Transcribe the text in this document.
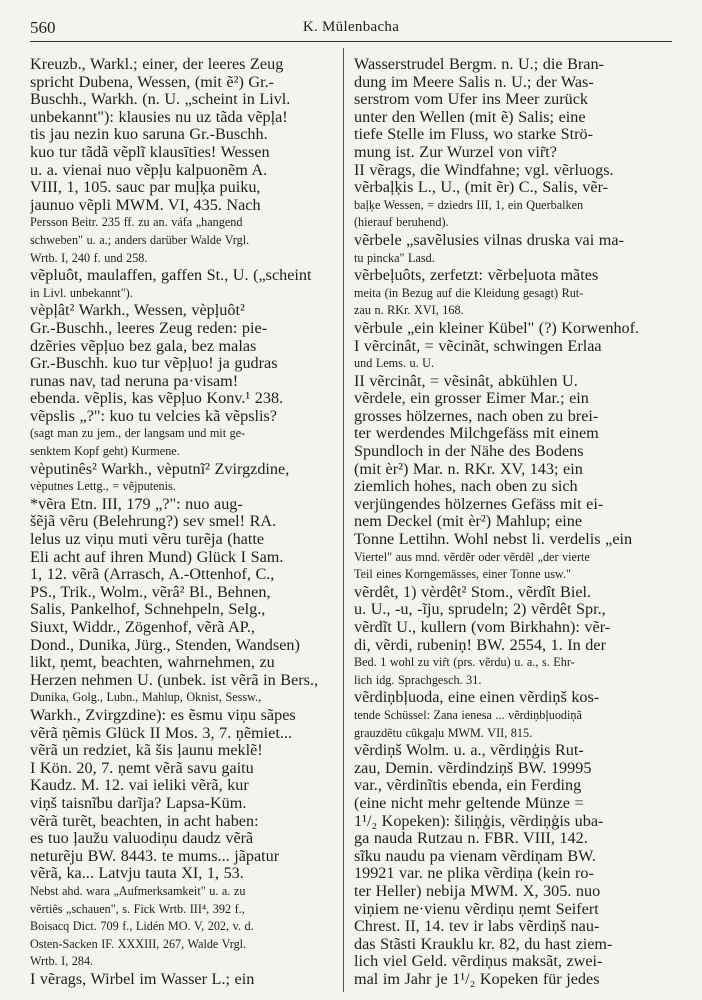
560	K. Mülenbacha
Kreuzb., Warkl.; einer, der leeres Zeug
spricht Dubena, Wessen, (mit ẽ²) Gr.-
Buschh., Warkh. (n. U. „scheint in Livl.
unbekannt"): klausies nu uz tãda vẽpļa!
tis jau nezin kuo saruna Gr.-Buschh.
kuo tur tãdã vẽplĩ klausīties! Wessen
u. a. vienai nuo vẽpļu kalpuonẽm A.
VIII, 1, 105. sauc par muļķa puiku,
jaunuo vẽpli MWM. VI, 435. Nach
Persson Beitr. 235 ff. zu an. váfa „hangend
schweben" u. a.; anders darüber Walde Vrgl.
Wrtb. I, 240 f. und 258.
vẽpluôt, maulaffen, gaffen St., U. („scheint
in Livl. unbekannt").
vèpļât² Warkh., Wessen, vèpļuôt²
Gr.-Buschh., leeres Zeug reden: pie-
dzẽries vẽpļuo bez gala, bez malas
Gr.-Buschh. kuo tur vẽpļuo! ja gudras
runas nav, tad neruna pa·visam!
ebenda. vẽplis, kas vẽpļuo Konv.¹ 238.
vẽpslis „?": kuo tu velcies kã vẽpslis?
(sagt man zu jem., der langsam und mit ge-
senktem Kopf geht) Kurmene.
vèputinês² Warkh., vèputnĩ² Zvirgzdine,
vèputnes Lettg., = vẽjputenis.
*vẽra Etn. III, 179 „?": nuo aug-
šẽjã vẽru (Belehrung?) sev smel! RA.
lelus uz viņu muti vẽru turẽja (hatte
Eli acht auf ihren Mund) Glück I Sam.
1, 12. vẽrã (Arrasch, A.-Ottenhof, C.,
PS., Trik., Wolm., vẽrâ² Bl., Behnen,
Salis, Pankelhof, Schnehpeln, Selg.,
Siuxt, Widdr., Zögenhof, vẽrã AP.,
Dond., Dunika, Jürg., Stenden, Wandsen)
likt, ņemt, beachten, wahrnehmen, zu
Herzen nehmen U. (unbek. ist vẽrã in Bers.,
Dunika, Golg., Lubn., Mahlup, Oknist, Sessw.,
Warkh., Zvirgzdine): es ẽsmu viņu sãpes
vẽrã ņẽmis Glück II Mos. 3, 7. ņẽmiet...
vẽrã un redziet, kã šis ļaunu meklẽ!
I Kön. 20, 7. ņemt vẽrã savu gaitu
Kaudz. M. 12. vai ieliki vẽrã, kur
viņš taisnĩbu darĩja? Lapsa-Küm.
vẽrã turẽt, beachten, in acht haben:
es tuo ļaužu valuodiņu daudz vẽrã
neturẽju BW. 8443. te mums... jãpatur
vẽrã, ka... Latvju tauta XI, 1, 53.
Nebst ahd. wara „Aufmerksamkeit" u. a. zu
vẽrtiês „schauen", s. Fick Wrtb. III⁴, 392 f.,
Boisacq Dict. 709 f., Lidén MO. V, 202, v. d.
Osten-Sacken IF. XXXIII, 267, Walde Vrgl.
Wrtb. I, 284.
I vẽrags, Wirbel im Wasser L.; ein
Wasserstrudel Bergm. n. U.; die Bran-
dung im Meere Salis n. U.; der Was-
serstrom vom Ufer ins Meer zurück
unter den Wellen (mit ẽ) Salis; eine
tiefe Stelle im Fluss, wo starke Strö-
mung ist. Zur Wurzel von vir̃t?
II vẽrags, die Windfahne; vgl. vẽrluogs.
vẽrbaļķis L., U., (mit ẽr) C., Salis, vẽr-
baļķe Wessen, = dziedrs III, 1, ein Querbalken
(hierauf beruhend).
vẽrbele „savẽlusies vilnas druska vai ma-
tu pincka" Lasd.
vẽrbeļuôts, zerfetzt: vẽrbeļuota mãtes
meita (in Bezug auf die Kleidung gesagt) Rut-
zau n. RKr. XVI, 168.
vẽrbule „ein kleiner Kübel" (?) Korwenhof.
I vẽrcinât, = vẽcinãt, schwingen Erlaa
und Lems. u. U.
II vẽrcinât, = vẽsinât, abkühlen U.
vẽrdele, ein grosser Eimer Mar.; ein
grosses hölzernes, nach oben zu brei-
ter werdendes Milchgefäss mit einem
Spundloch in der Nähe des Bodens
(mit èr²) Mar. n. RKr. XV, 143; ein
ziemlich hohes, nach oben zu sich
verjüngendes hölzernes Gefäss mit ei-
nem Deckel (mit èr²) Mahlup; eine
Tonne Lettihn. Wohl nebst li. verdelis „ein
Viertel" aus mnd. vẽrdẽr oder vẽrdẽl „der vierte
Teil eines Korngemässes, einer Tonne usw."
vẽrdêt, 1) vèrdêt² Stom., vẽrdît Biel.
u. U., -u, -ĩju, sprudeln; 2) vẽrdêt Spr.,
vẽrdĩt U., kullern (vom Birkhahn): vẽr-
di, vẽrdi, rubeniņ! BW. 2554, 1. In der
Bed. 1 wohl zu vir̃t (prs. vẽrdu) u. a., s. Ehr-
lich idg. Sprachgesch. 31.
vẽrdiņbļuoda, eine einen vẽrdiņš kos-
tende Schüssel: Zana ienesa ... vẽrdiņbļuodiņã
grauzdẽtu cũkgaļu MWM. VII, 815.
vẽrdiņš Wolm. u. a., vẽrdiņģis Rut-
zau, Demin. vẽrdindziņš BW. 19995
var., vẽrdinĩtis ebenda, ein Ferding
(eine nicht mehr geltende Münze =
1¹/₂ Kopeken): šiliņģis, vẽrdiņģis uba-
ga nauda Rutzau n. FBR. VIII, 142.
sĩku naudu pa vienam vẽrdiņam BW.
19921 var. ne plika vẽrdiņa (kein ro-
ter Heller) nebija MWM. X, 305. nuo
viņiem ne·vienu vẽrdiņu ņemt Seifert
Chrest. II, 14. tev ir labs vẽrdiņš nau-
das Stãsti Krauklu kr. 82, du hast ziem-
lich viel Geld. vẽrdiņus maksãt, zwei-
mal im Jahr je 1¹/₂ Kopeken für jedes
